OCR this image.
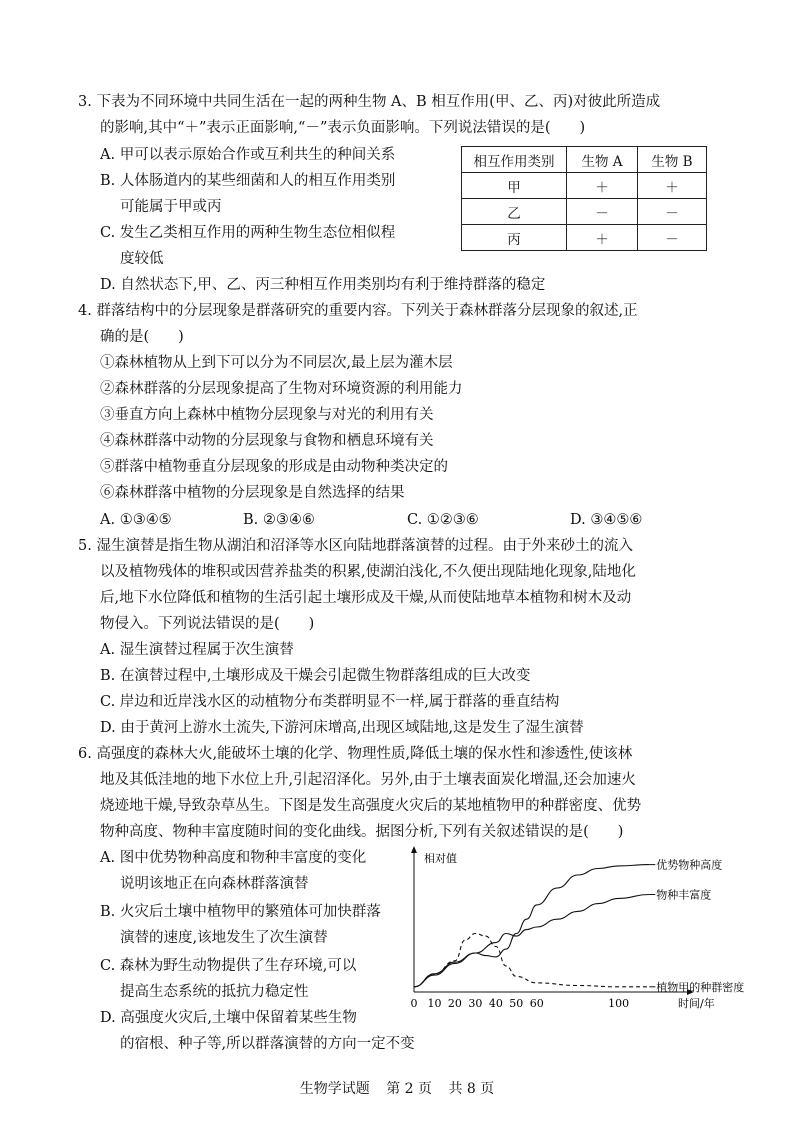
3. 下表为不同环境中共同生活在一起的两种生物 A、B 相互作用(甲、乙、丙)对彼此所造成
的影响,其中“＋”表示正面影响,“－”表示负面影响。下列说法错误的是(　　)
A. 甲可以表示原始合作或互利共生的种间关系
B. 人体肠道内的某些细菌和人的相互作用类别
可能属于甲或丙
C. 发生乙类相互作用的两种生物生态位相似程
度较低
D. 自然状态下,甲、乙、丙三种相互作用类别均有利于维持群落的稳定
相互作用类别	生物 A	生物 B
甲	＋	＋
乙	－	－
丙	＋	－
4. 群落结构中的分层现象是群落研究的重要内容。下列关于森林群落分层现象的叙述,正
确的是(　　)
①森林植物从上到下可以分为不同层次,最上层为灌木层
②森林群落的分层现象提高了生物对环境资源的利用能力
③垂直方向上森林中植物分层现象与对光的利用有关
④森林群落中动物的分层现象与食物和栖息环境有关
⑤群落中植物垂直分层现象的形成是由动物种类决定的
⑥森林群落中植物的分层现象是自然选择的结果
A. ①③④⑤	B. ②③④⑥	C. ①②③⑥	D. ③④⑤⑥
5. 湿生演替是指生物从湖泊和沼泽等水区向陆地群落演替的过程。由于外来砂土的流入
以及植物残体的堆积或因营养盐类的积累,使湖泊浅化,不久便出现陆地化现象,陆地化
后,地下水位降低和植物的生活引起土壤形成及干燥,从而使陆地草本植物和树木及动
物侵入。下列说法错误的是(　　)
A. 湿生演替过程属于次生演替
B. 在演替过程中,土壤形成及干燥会引起微生物群落组成的巨大改变
C. 岸边和近岸浅水区的动植物分布类群明显不一样,属于群落的垂直结构
D. 由于黄河上游水土流失,下游河床增高,出现区域陆地,这是发生了湿生演替
6. 高强度的森林大火,能破坏土壤的化学、物理性质,降低土壤的保水性和渗透性,使该林
地及其低洼地的地下水位上升,引起沼泽化。另外,由于土壤表面炭化增温,还会加速火
烧迹地干燥,导致杂草丛生。下图是发生高强度火灾后的某地植物甲的种群密度、优势
物种高度、物种丰富度随时间的变化曲线。据图分析,下列有关叙述错误的是(　　)
A. 图中优势物种高度和物种丰富度的变化
说明该地正在向森林群落演替
B. 火灾后土壤中植物甲的繁殖体可加快群落
演替的速度,该地发生了次生演替
C. 森林为野生动物提供了生存环境,可以
提高生态系统的抵抗力稳定性
D. 高强度火灾后,土壤中保留着某些生物
的宿根、种子等,所以群落演替的方向一定不变
0 10 20 30 40 50 60	100
相对值
时间/年
优势物种高度
物种丰富度
植物甲的种群密度
生物学试题 第 2 页 共 8 页
